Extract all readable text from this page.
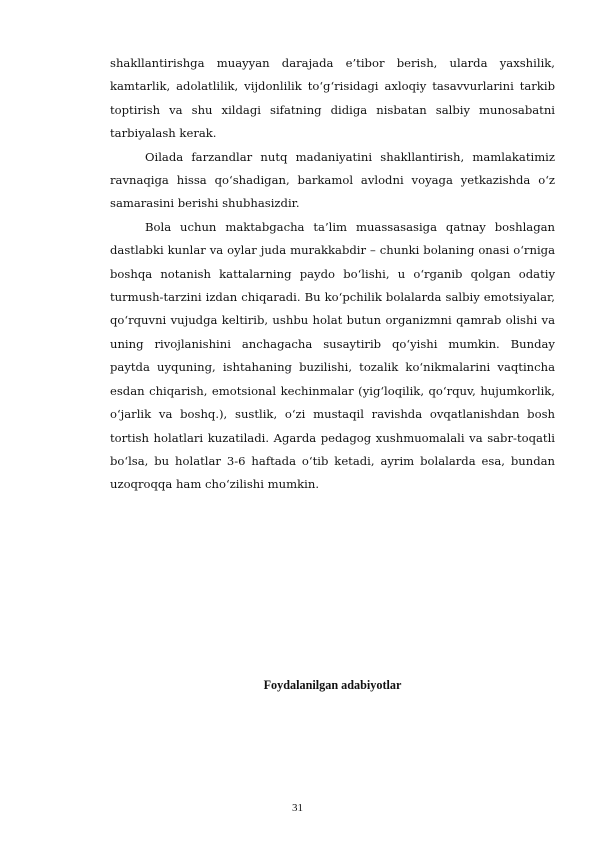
shakllantirishga muayyan darajada e’tibor berish, ularda yaxshilik, kamtarlik, adolatlilik, vijdonlilik to‘g‘risidagi axloqiy tasavvurlarini tarkib toptirish va shu xildagi sifatning didiga nisbatan salbiy munosabatni tarbiyalash kerak.

Oilada farzandlar nutq madaniyatini shakllantirish, mamlakatimiz ravnaqiga hissa qo‘shadigan, barkamol avlodni voyaga yetkazishda o‘z samarasini berishi shubhasizdir.

Bola uchun maktabgacha ta’lim muassasasiga qatnay boshlagan dastlabki kunlar va oylar juda murakkabdir – chunki bolaning onasi o‘rniga boshqa notanish kattalarning paydo bo‘lishi, u o‘rganib qolgan odatiy turmush-tarzini izdan chiqaradi. Bu ko‘pchilik bolalarda salbiy emotsiyalar, qo‘rquvni vujudga keltirib, ushbu holat butun organizmni qamrab olishi va uning rivojlanishini anchagacha susaytirib qo‘yishi mumkin. Bunday paytda uyquning, ishtahaning buzilishi, tozalik ko‘nikmalarini vaqtincha esdan chiqarish, emotsional kechinmalar (yig‘loqilik, qo‘rquv, hujumkorlik, o‘jarlik va boshq.), sustlik, o‘zi mustaqil ravishda ovqatlanishdan bosh tortish holatlari kuzatiladi. Agarda pedagog xushmuomalali va sabr-toqatli bo‘lsa, bu holatlar 3-6 haftada o‘tib ketadi, ayrim bolalarda esa, bundan uzoqroqqa ham cho‘zilishi mumkin.

Foydalanilgan adabiyotlar
31
